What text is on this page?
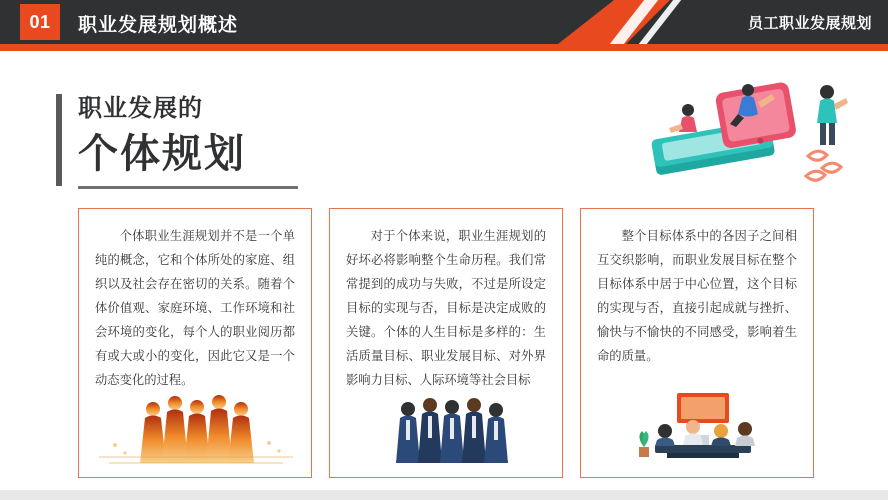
01	职业发展规划概述	员工职业发展规划
职业发展的
个体规划
个体职业生涯规划并不是一个单纯的概念，它和个体所处的家庭、组织以及社会存在密切的关系。随着个体价值观、家庭环境、工作环境和社会环境的变化，每个人的职业阅历都有或大或小的变化，因此它又是一个动态变化的过程。
对于个体来说，职业生涯规划的好坏必将影响整个生命历程。我们常常提到的成功与失败，不过是所设定目标的实现与否，目标是决定成败的关键。个体的人生目标是多样的：生活质量目标、职业发展目标、对外界影响力目标、人际环境等社会目标
整个目标体系中的各因子之间相互交织影响，而职业发展目标在整个目标体系中居于中心位置，这个目标的实现与否，直接引起成就与挫折、愉快与不愉快的不同感受，影响着生命的质量。
